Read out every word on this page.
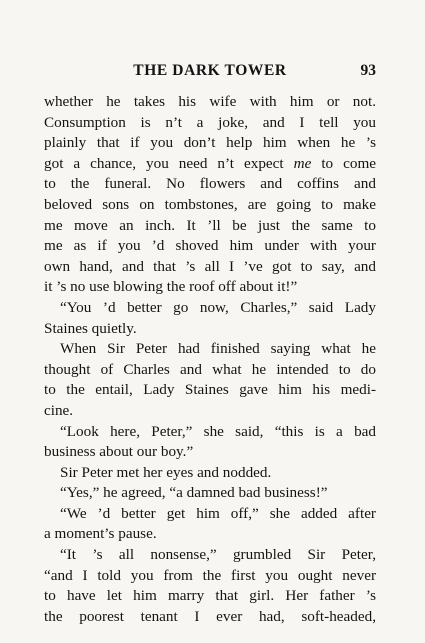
THE DARK TOWER	93
whether he takes his wife with him or not.
Consumption is n’t a joke, and I tell you
plainly that if you don’t help him when he ’s
got a chance, you need n’t expect me to come
to the funeral. No flowers and coffins and
beloved sons on tombstones, are going to make
me move an inch. It ’ll be just the same to
me as if you ’d shoved him under with your
own hand, and that ’s all I ’ve got to say, and
it ’s no use blowing the roof off about it!”
“You ’d better go now, Charles,” said Lady
Staines quietly.
When Sir Peter had finished saying what he
thought of Charles and what he intended to do
to the entail, Lady Staines gave him his medi-
cine.
“Look here, Peter,” she said, “this is a bad
business about our boy.”
Sir Peter met her eyes and nodded.
“Yes,” he agreed, “a damned bad business!”
“We ’d better get him off,” she added after
a moment’s pause.
“It ’s all nonsense,” grumbled Sir Peter,
“and I told you from the first you ought never
to have let him marry that girl. Her father ’s
the poorest tenant I ever had, soft-headed,
